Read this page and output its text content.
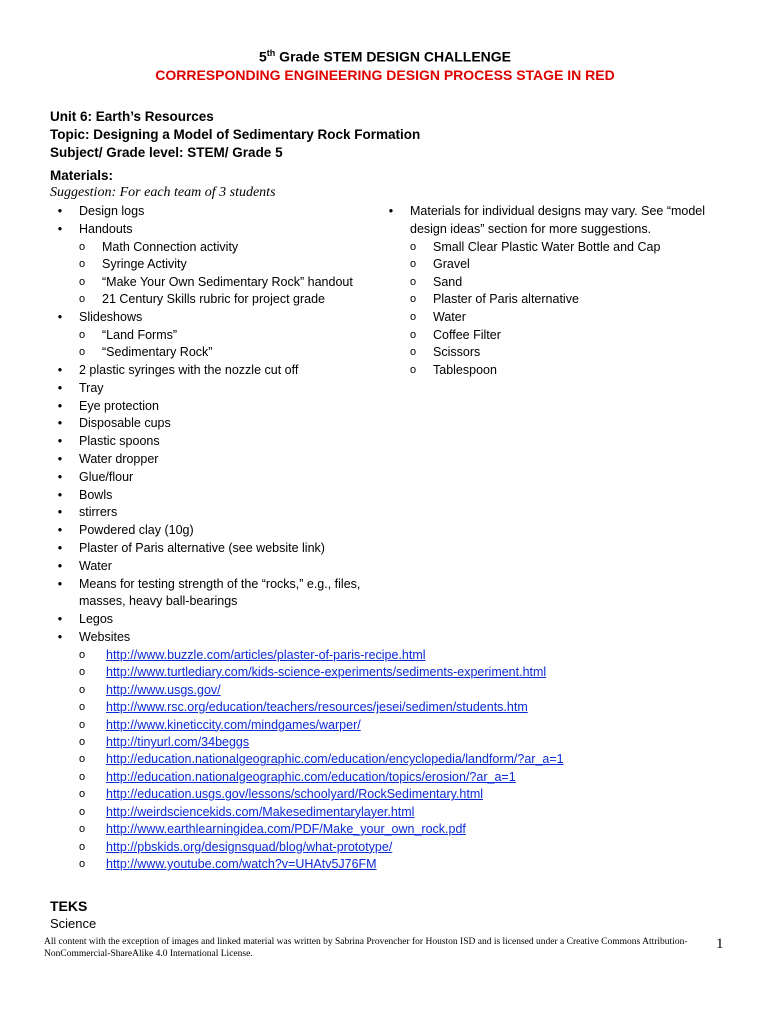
5th Grade STEM DESIGN CHALLENGE
CORRESPONDING ENGINEERING DESIGN PROCESS STAGE IN RED
Unit 6: Earth’s Resources
Topic: Designing a Model of Sedimentary Rock Formation
Subject/ Grade level: STEM/ Grade 5
Materials:
Suggestion: For each team of 3 students
• Design logs
• Handouts
o Math Connection activity
o Syringe Activity
o “Make Your Own Sedimentary Rock” handout
o 21 Century Skills rubric for project grade
• Slideshows
o “Land Forms”
o “Sedimentary Rock”
• 2 plastic syringes with the nozzle cut off
• Tray
• Eye protection
• Disposable cups
• Plastic spoons
• Water dropper
• Glue/flour
• Bowls
• stirrers
• Powdered clay (10g)
• Plaster of Paris alternative (see website link)
• Water
• Means for testing strength of the “rocks,” e.g., files, masses, heavy ball-bearings
• Legos
• Websites
o http://www.buzzle.com/articles/plaster-of-paris-recipe.html
o http://www.turtlediary.com/kids-science-experiments/sediments-experiment.html
o http://www.usgs.gov/
o http://www.rsc.org/education/teachers/resources/jesei/sedimen/students.htm
o http://www.kineticcity.com/mindgames/warper/
o http://tinyurl.com/34beggs
o http://education.nationalgeographic.com/education/encyclopedia/landform/?ar_a=1
o http://education.nationalgeographic.com/education/topics/erosion/?ar_a=1
o http://education.usgs.gov/lessons/schoolyard/RockSedimentary.html
o http://weirdsciencekids.com/Makesedimentarylayer.html
o http://www.earthlearningidea.com/PDF/Make_your_own_rock.pdf
o http://pbskids.org/designsquad/blog/what-prototype/
o http://www.youtube.com/watch?v=UHAtv5J76FM
• Materials for individual designs may vary. See “model design ideas” section for more suggestions.
o Small Clear Plastic Water Bottle and Cap
o Gravel
o Sand
o Plaster of Paris alternative
o Water
o Coffee Filter
o Scissors
o Tablespoon
TEKS
Science
All content with the exception of images and linked material was written by Sabrina Provencher for Houston ISD and is licensed under a Creative Commons Attribution-NonCommercial-ShareAlike 4.0 International License.
1
